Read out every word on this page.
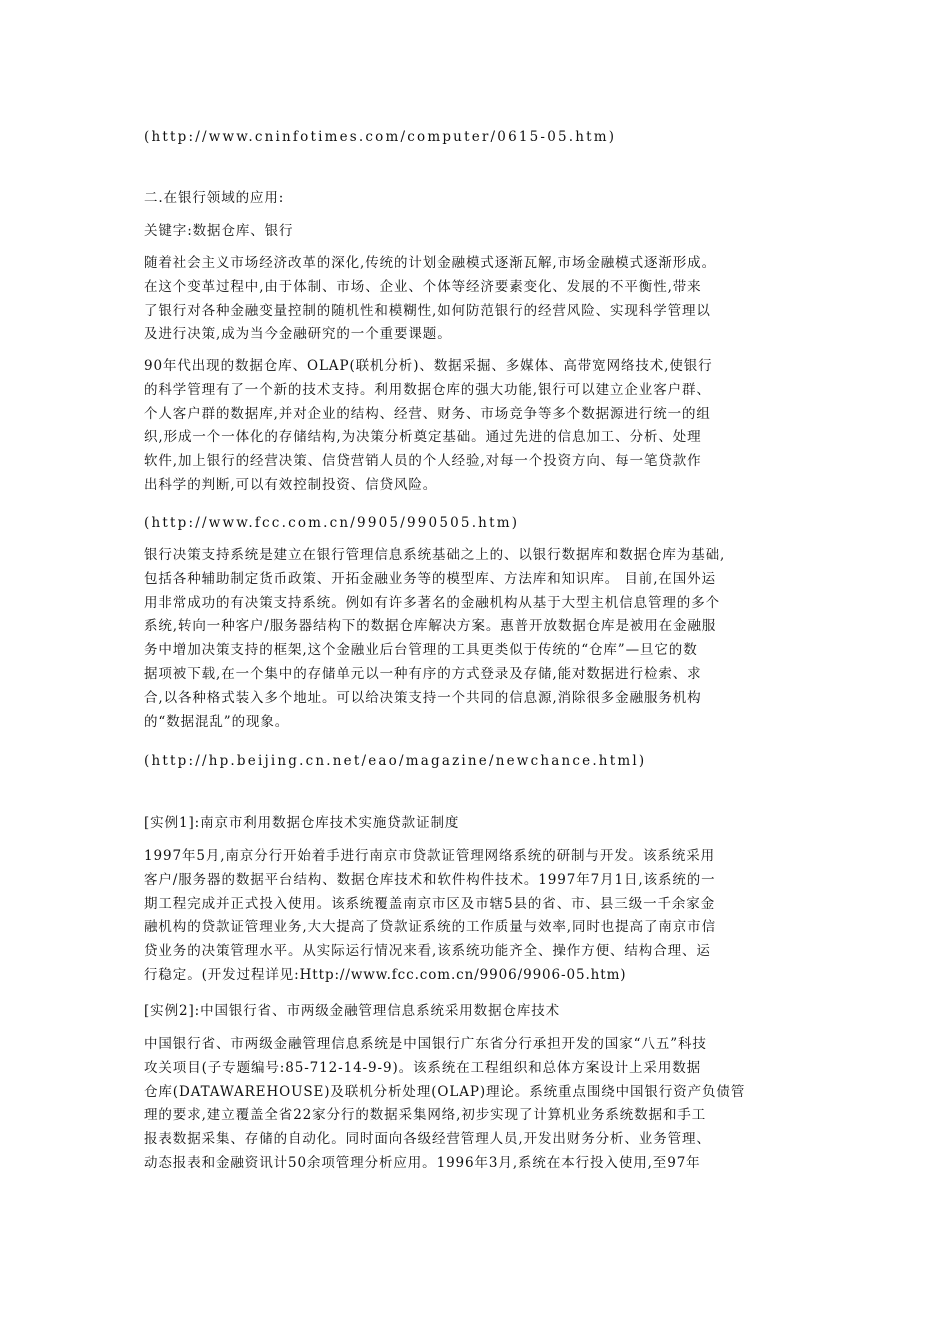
(http://www.cninfotimes.com/computer/0615-05.htm)
二.在银行领域的应用:
关键字:数据仓库、银行
随着社会主义市场经济改革的深化,传统的计划金融模式逐渐瓦解,市场金融模式逐渐形成。
在这个变革过程中,由于体制、市场、企业、个体等经济要素变化、发展的不平衡性,带来
了银行对各种金融变量控制的随机性和模糊性,如何防范银行的经营风险、实现科学管理以
及进行决策,成为当今金融研究的一个重要课题。
90年代出现的数据仓库、OLAP(联机分析)、数据采掘、多媒体、高带宽网络技术,使银行
的科学管理有了一个新的技术支持。利用数据仓库的强大功能,银行可以建立企业客户群、
个人客户群的数据库,并对企业的结构、经营、财务、市场竞争等多个数据源进行统一的组
织,形成一个一体化的存储结构,为决策分析奠定基础。通过先进的信息加工、分析、处理
软件,加上银行的经营决策、信贷营销人员的个人经验,对每一个投资方向、每一笔贷款作
出科学的判断,可以有效控制投资、信贷风险。
(http://www.fcc.com.cn/9905/990505.htm)
银行决策支持系统是建立在银行管理信息系统基础之上的、以银行数据库和数据仓库为基础,
包括各种辅助制定货币政策、开拓金融业务等的模型库、方法库和知识库。 目前,在国外运
用非常成功的有决策支持系统。例如有许多著名的金融机构从基于大型主机信息管理的多个
系统,转向一种客户/服务器结构下的数据仓库解决方案。惠普开放数据仓库是被用在金融服
务中增加决策支持的框架,这个金融业后台管理的工具更类似于传统的“仓库”—旦它的数
据项被下载,在一个集中的存储单元以一种有序的方式登录及存储,能对数据进行检索、求
合,以各种格式装入多个地址。可以给决策支持一个共同的信息源,消除很多金融服务机构
的“数据混乱”的现象。
(http://hp.beijing.cn.net/eao/magazine/newchance.html)
[实例1]:南京市利用数据仓库技术实施贷款证制度
1997年5月,南京分行开始着手进行南京市贷款证管理网络系统的研制与开发。该系统采用
客户/服务器的数据平台结构、数据仓库技术和软件构件技术。1997年7月1日,该系统的一
期工程完成并正式投入使用。该系统覆盖南京市区及市辖5县的省、市、县三级一千余家金
融机构的贷款证管理业务,大大提高了贷款证系统的工作质量与效率,同时也提高了南京市信
贷业务的决策管理水平。从实际运行情况来看,该系统功能齐全、操作方便、结构合理、运
行稳定。(开发过程详见:Http://www.fcc.com.cn/9906/9906-05.htm)
[实例2]:中国银行省、市两级金融管理信息系统采用数据仓库技术
中国银行省、市两级金融管理信息系统是中国银行广东省分行承担开发的国家“八五”科技
攻关项目(子专题编号:85-712-14-9-9)。该系统在工程组织和总体方案设计上采用数据
仓库(DATAWAREHOUSE)及联机分析处理(OLAP)理论。系统重点围绕中国银行资产负债管
理的要求,建立覆盖全省22家分行的数据采集网络,初步实现了计算机业务系统数据和手工
报表数据采集、存储的自动化。同时面向各级经营管理人员,开发出财务分析、业务管理、
动态报表和金融资讯计50余项管理分析应用。1996年3月,系统在本行投入使用,至97年
